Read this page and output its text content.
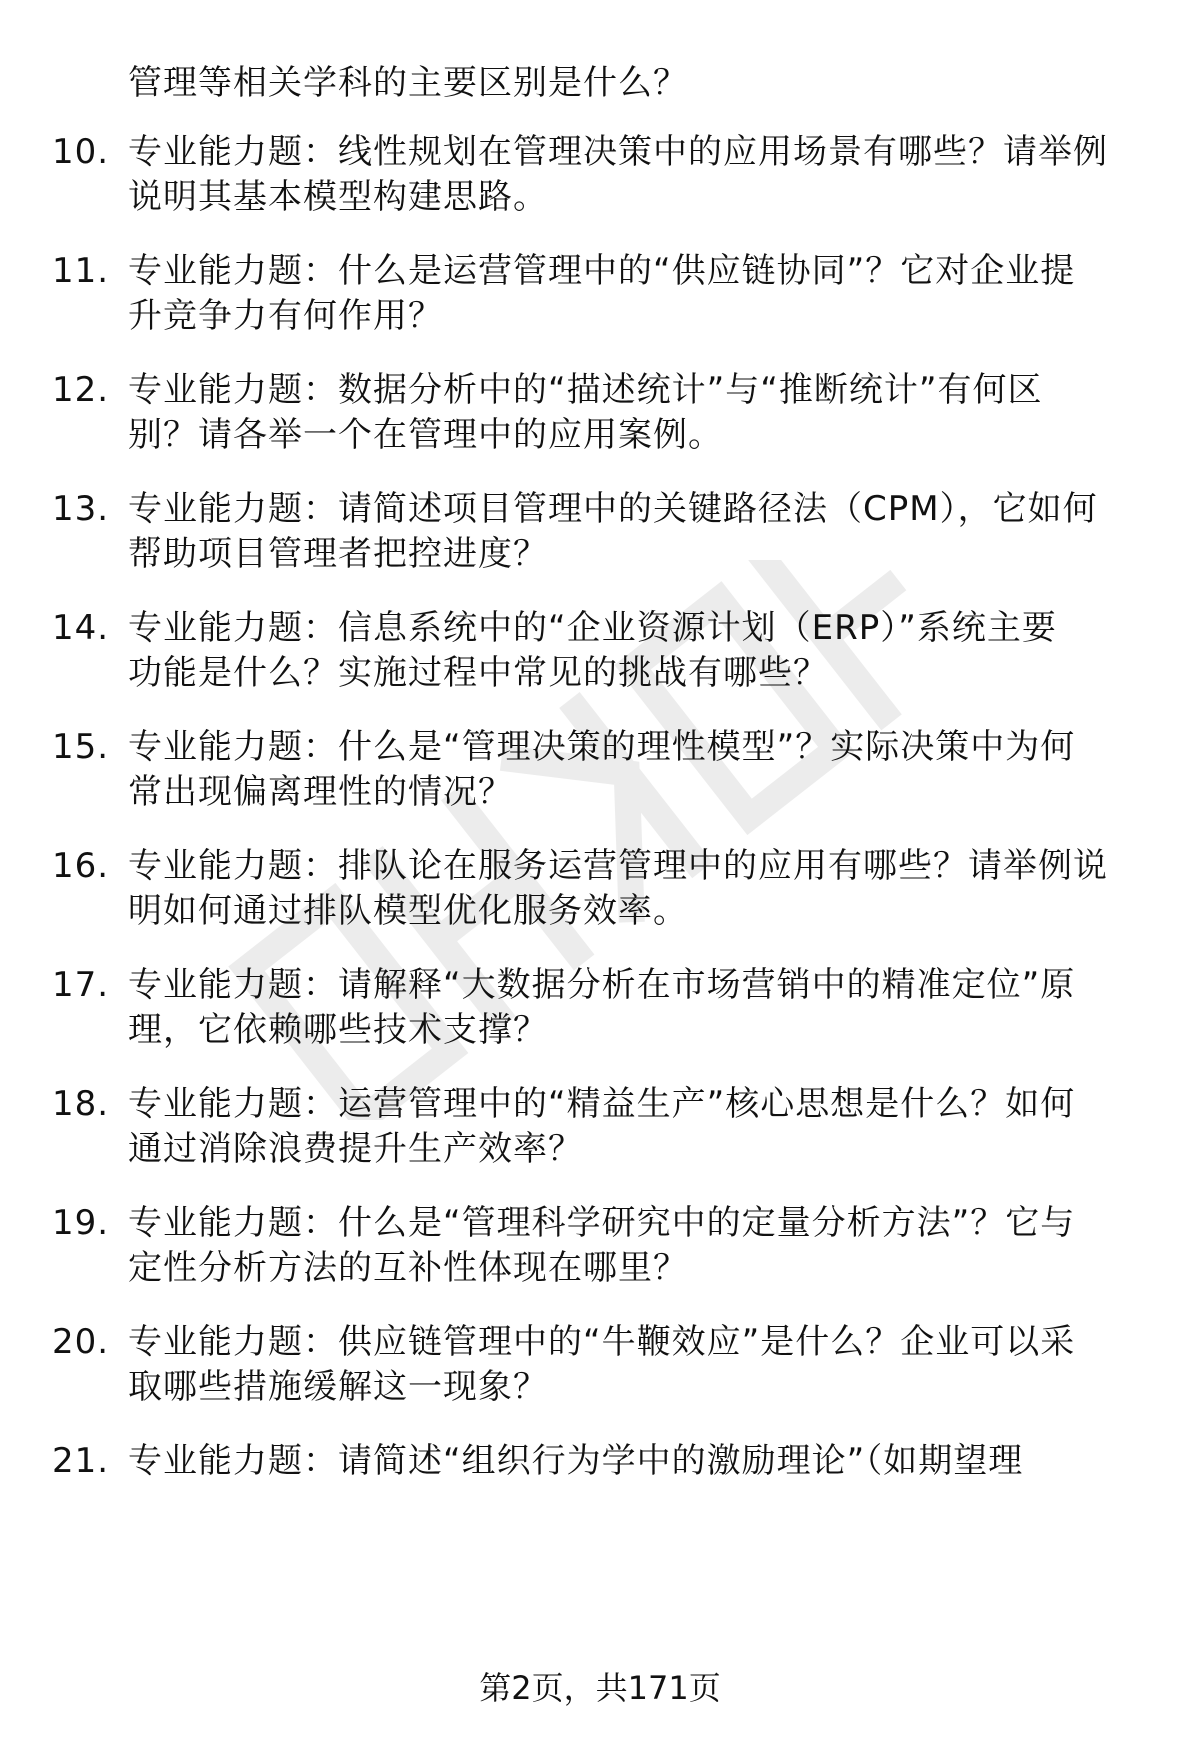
管理等相关学科的主要区别是什么？
10. 专业能力题：线性规划在管理决策中的应用场景有哪些？请举例
说明其基本模型构建思路。
11. 专业能力题：什么是运营管理中的“供应链协同”？它对企业提
升竞争力有何作用？
12. 专业能力题：数据分析中的“描述统计”与“推断统计”有何区
别？请各举一个在管理中的应用案例。
13. 专业能力题：请简述项目管理中的关键路径法（CPM），它如何
帮助项目管理者把控进度？
14. 专业能力题：信息系统中的“企业资源计划（ERP）”系统主要
功能是什么？实施过程中常见的挑战有哪些？
15. 专业能力题：什么是“管理决策的理性模型”？实际决策中为何
常出现偏离理性的情况？
16. 专业能力题：排队论在服务运营管理中的应用有哪些？请举例说
明如何通过排队模型优化服务效率。
17. 专业能力题：请解释“大数据分析在市场营销中的精准定位”原
理，它依赖哪些技术支撑？
18. 专业能力题：运营管理中的“精益生产”核心思想是什么？如何
通过消除浪费提升生产效率？
19. 专业能力题：什么是“管理科学研究中的定量分析方法”？它与
定性分析方法的互补性体现在哪里？
20. 专业能力题：供应链管理中的“牛鞭效应”是什么？企业可以采
取哪些措施缓解这一现象？
21. 专业能力题：请简述“组织行为学中的激励理论”（如期望理
第2页，共171页
